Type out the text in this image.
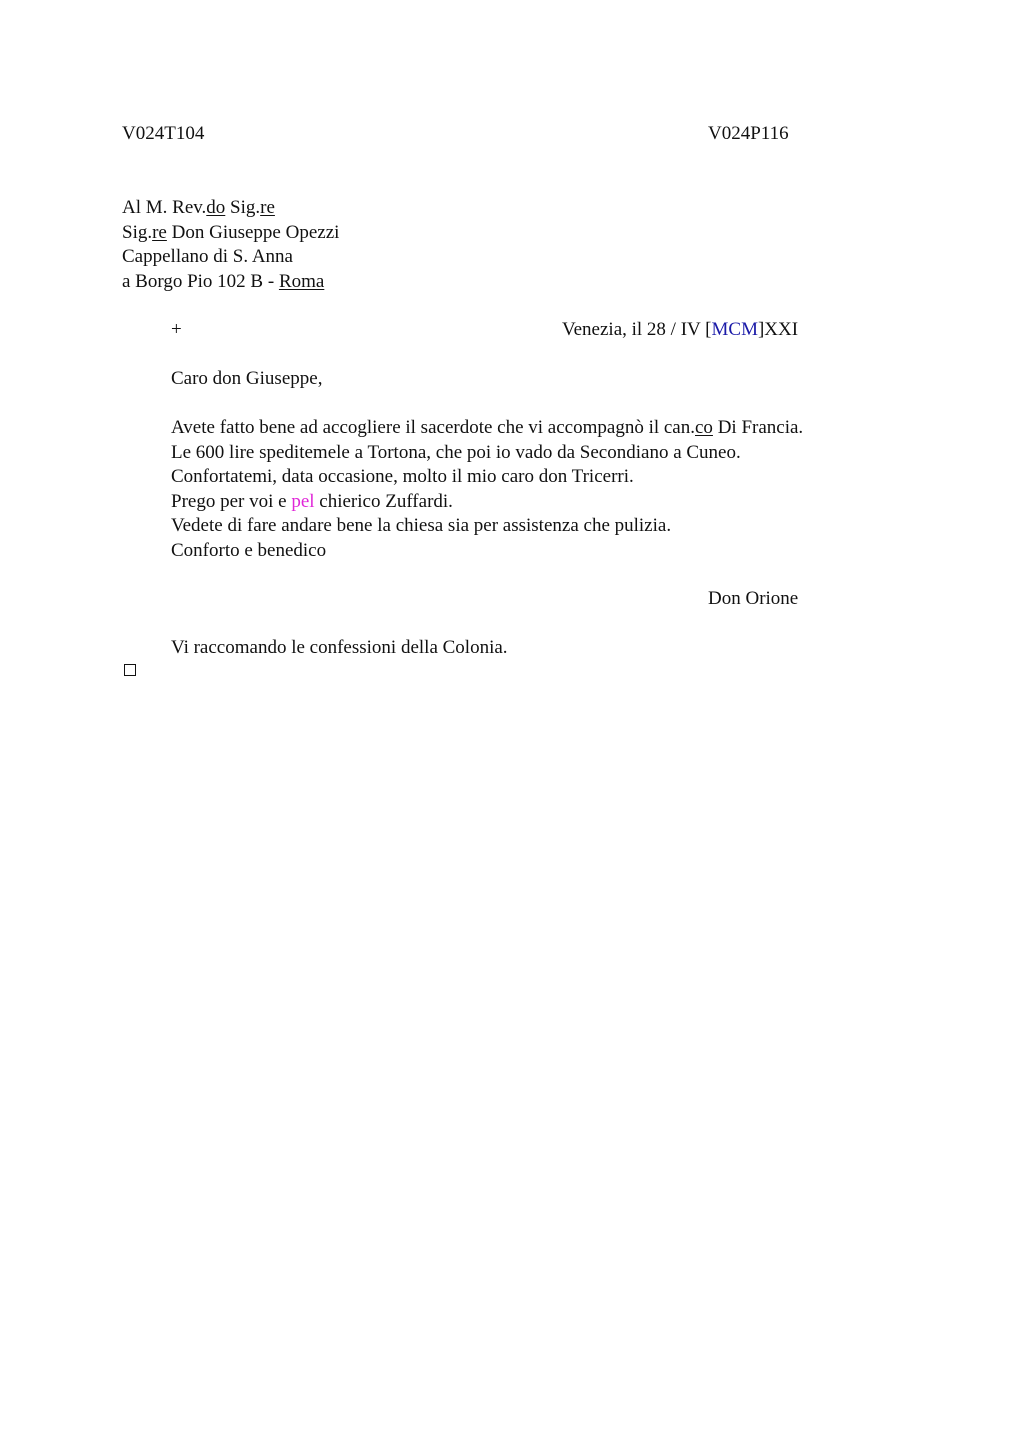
V024T104	V024P116
Al M. Rev.do Sig.re
Sig.re Don Giuseppe Opezzi
Cappellano di S. Anna
a Borgo Pio 102 B - Roma
+	Venezia, il 28 / IV [MCM]XXI
Caro don Giuseppe,
Avete fatto bene ad accogliere il sacerdote che vi accompagnò il can.co Di Francia.
Le 600 lire speditemele a Tortona, che poi io vado da Secondiano a Cuneo.
Confortatemi, data occasione, molto il mio caro don Tricerri.
Prego per voi e pel chierico Zuffardi.
Vedete di fare andare bene la chiesa sia per assistenza che pulizia.
Conforto e benedico
Don Orione
Vi raccomando le confessioni della Colonia.
